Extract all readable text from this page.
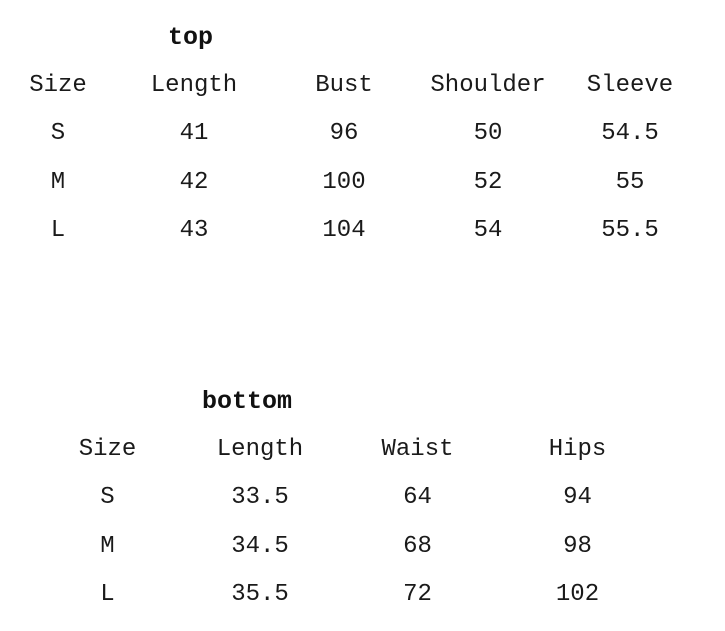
top
Size	Length	Bust	Shoulder	Sleeve
S	41	96	50	54.5
M	42	100	52	55
L	43	104	54	55.5
bottom
Size	Length	Waist	Hips
S	33.5	64	94
M	34.5	68	98
L	35.5	72	102
